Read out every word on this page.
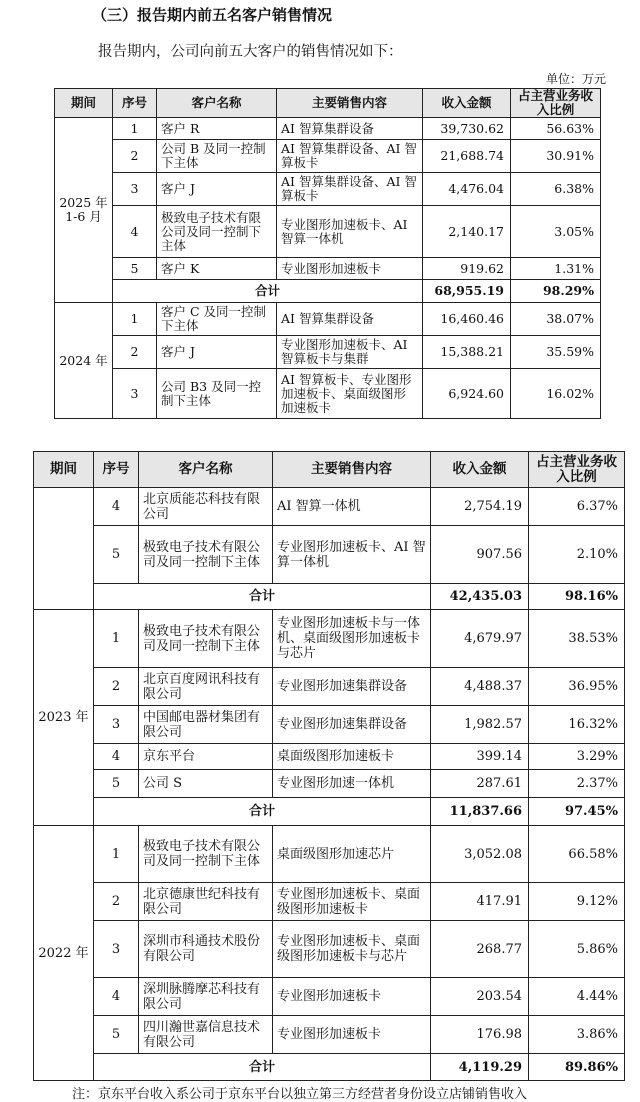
（三）报告期内前五名客户销售情况
报告期内，公司向前五大客户的销售情况如下：
单位：万元
期间	序号	客户名称	主要销售内容	收入金额	占主营业务收入比例
2025 年 1-6 月	1	客户 R	AI 智算集群设备	39,730.62	56.63%
	2	公司 B 及同一控制下主体	AI 智算集群设备、AI 智算板卡	21,688.74	30.91%
	3	客户 J	AI 智算集群设备、AI 智算板卡	4,476.04	6.38%
	4	极致电子技术有限公司及同一控制下主体	专业图形加速板卡、AI 智算一体机	2,140.17	3.05%
	5	客户 K	专业图形加速板卡	919.62	1.31%
	合计			68,955.19	98.29%
2024 年	1	客户 C 及同一控制下主体	AI 智算集群设备	16,460.46	38.07%
	2	客户 J	专业图形加速板卡、AI 智算板卡与集群	15,388.21	35.59%
	3	公司 B3 及同一控制下主体	AI 智算板卡、专业图形加速板卡、桌面级图形加速板卡	6,924.60	16.02%
期间	序号	客户名称	主要销售内容	收入金额	占主营业务收入比例
	4	北京质能芯科技有限公司	AI 智算一体机	2,754.19	6.37%
	5	极致电子技术有限公司及同一控制下主体	专业图形加速板卡、AI 智算一体机	907.56	2.10%
	合计			42,435.03	98.16%
2023 年	1	极致电子技术有限公司及同一控制下主体	专业图形加速板卡与一体机、桌面级图形加速板卡与芯片	4,679.97	38.53%
	2	北京百度网讯科技有限公司	专业图形加速集群设备	4,488.37	36.95%
	3	中国邮电器材集团有限公司	专业图形加速集群设备	1,982.57	16.32%
	4	京东平台	桌面级图形加速板卡	399.14	3.29%
	5	公司 S	专业图形加速一体机	287.61	2.37%
	合计			11,837.66	97.45%
2022 年	1	极致电子技术有限公司及同一控制下主体	桌面级图形加速芯片	3,052.08	66.58%
	2	北京德康世纪科技有限公司	专业图形加速板卡、桌面级图形加速板卡	417.91	9.12%
	3	深圳市科通技术股份有限公司	专业图形加速板卡、桌面级图形加速板卡与芯片	268.77	5.86%
	4	深圳脉腾摩芯科技有限公司	专业图形加速板卡	203.54	4.44%
	5	四川瀚世嘉信息技术有限公司	专业图形加速板卡	176.98	3.86%
	合计			4,119.29	89.86%
注：京东平台收入系公司于京东平台以独立第三方经营者身份设立店铺销售收入
